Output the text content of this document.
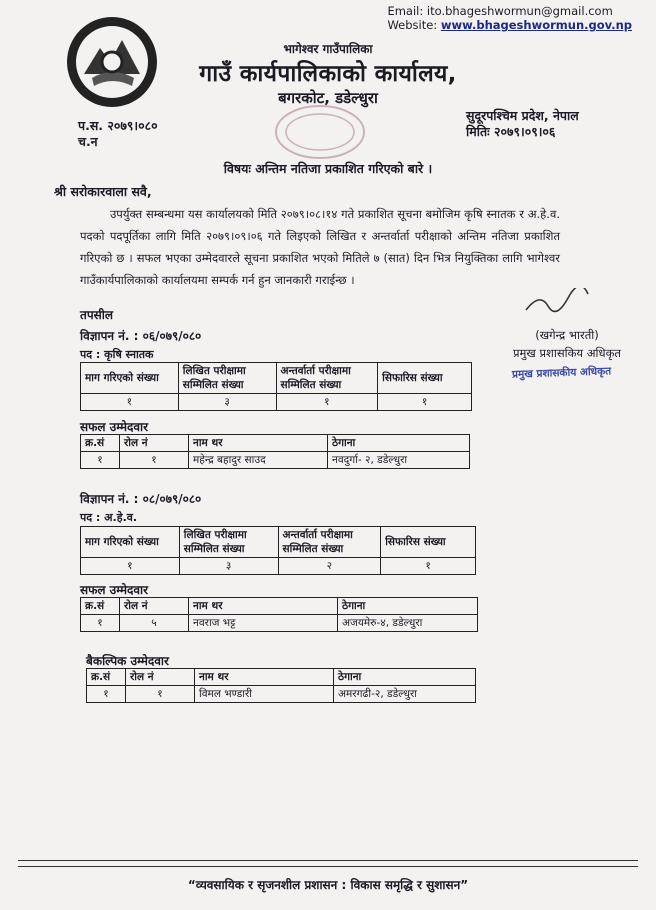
Email: ito.bhageshwormun@gmail.com
Website: www.bhageshwormun.gov.np
भागेश्वर गाउँपालिका
गाउँ कार्यपालिकाको कार्यालय,
बगरकोट, डडेल्धुरा
सुदूरपश्चिम प्रदेश, नेपाल
मितिः २०७९।०९।०६
प.स. २०७९।०८०
च.न
विषयः अन्तिम नतिजा प्रकाशित गरिएको बारे ।
श्री सरोकारवाला सवै,
उपर्युक्त सम्बन्धमा यस कार्यालयको मिति २०७९।०८।१४ गते प्रकाशित सूचना बमोजिम कृषि स्नातक र अ.हे.व. पदको पदपूर्तिका लागि मिति २०७९।०९।०६ गते लिइएको लिखित र अन्तर्वार्ता परीक्षाको अन्तिम नतिजा प्रकाशित गरिएको छ । सफल भएका उम्मेदवारले सूचना प्रकाशित भएको मितिले ७ (सात) दिन भित्र नियुक्तिका लागि भागेश्वर गाउँकार्यपालिकाको कार्यालयमा सम्पर्क गर्न हुन जानकारी गराईन्छ ।
तपसील
(खगेन्द्र भारती)
प्रमुख प्रशासकिय अधिकृत
प्रमुख प्रशासकीय अधिकृत
विज्ञापन नं. : ०६/०७९/०८०
पद : कृषि स्नातक
माग गरिएको संख्या	लिखित परीक्षामा सम्मिलित संख्या	अन्तर्वार्ता परीक्षामा सम्मिलित संख्या	सिफारिस संख्या
१	३	१	१
सफल उम्मेदवार
क्र.सं	रोल नं	नाम थर	ठेगाना
१	१	महेन्द्र बहादुर साउद	नवदुर्गा- २, डडेल्धुरा
विज्ञापन नं. : ०८/०७९/०८०
पद : अ.हे.व.
माग गरिएको संख्या	लिखित परीक्षामा सम्मिलित संख्या	अन्तर्वार्ता परीक्षामा सम्मिलित संख्या	सिफारिस संख्या
१	३	२	१
सफल उम्मेदवार
क्र.सं	रोल नं	नाम थर	ठेगाना
१	५	नवराज भट्ट	अजयमेरु-४, डडेल्धुरा
बैकल्पिक उम्मेदवार
क्र.सं	रोल नं	नाम थर	ठेगाना
१	१	विमल भण्डारी	अमरगढी-२, डडेल्धुरा
“व्यवसायिक र सृजनशील प्रशासन : विकास समृद्धि र सुशासन”
